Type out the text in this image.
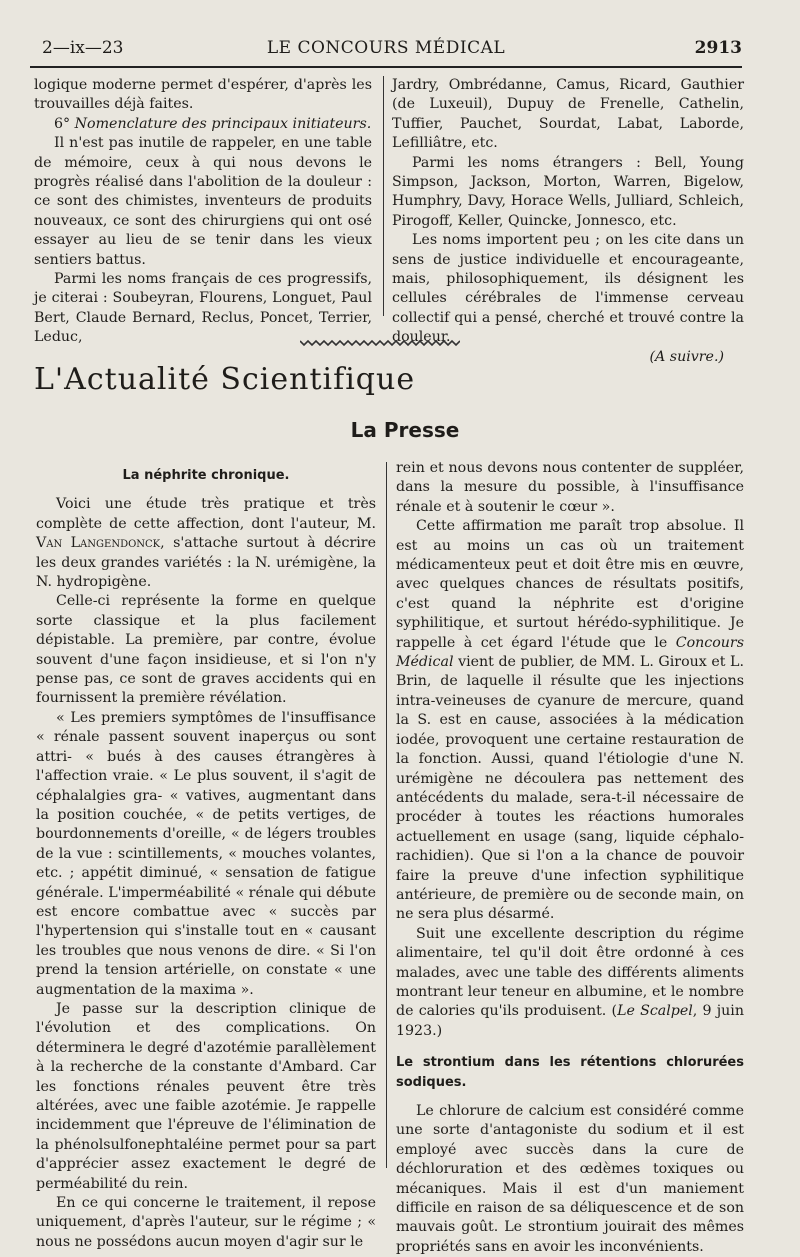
2—ix—23	LE CONCOURS MÉDICAL	2913

logique moderne permet d'espérer, d'après les trouvailles déjà faites.

6° Nomenclature des principaux initiateurs.

Il n'est pas inutile de rappeler, en une table de mémoire, ceux à qui nous devons le progrès réalisé dans l'abolition de la douleur : ce sont des chimistes, inventeurs de produits nouveaux, ce sont des chirurgiens qui ont osé essayer au lieu de se tenir dans les vieux sentiers battus.

Parmi les noms français de ces progressifs, je citerai : Soubeyran, Flourens, Longuet, Paul Bert, Claude Bernard, Reclus, Poncet, Terrier, Leduc,

Jardry, Ombrédanne, Camus, Ricard, Gauthier (de Luxeuil), Dupuy de Frenelle, Cathelin, Tuffier, Pauchet, Sourdat, Labat, Laborde, Lefilliâtre, etc.

Parmi les noms étrangers : Bell, Young Simpson, Jackson, Morton, Warren, Bigelow, Humphry, Davy, Horace Wells, Julliard, Schleich, Pirogoff, Keller, Quincke, Jonnesco, etc.

Les noms importent peu ; on les cite dans un sens de justice individuelle et encourageante, mais, philosophiquement, ils désignent les cellules cérébrales de l'immense cerveau collectif qui a pensé, cherché et trouvé contre la douleur.

(A suivre.)

L'Actualité Scientifique
La Presse

La néphrite chronique.

Voici une étude très pratique et très complète de cette affection, dont l'auteur, M. Van Langendonck, s'attache surtout à décrire les deux grandes variétés : la N. urémigène, la N. hydropigène.

Celle-ci représente la forme en quelque sorte classique et la plus facilement dépistable. La première, par contre, évolue souvent d'une façon insidieuse, et si l'on n'y pense pas, ce sont de graves accidents qui en fournissent la première révélation.

« Les premiers symptômes de l'insuffisance « rénale passent souvent inaperçus ou sont attri- « bués à des causes étrangères à l'affection vraie. « Le plus souvent, il s'agit de céphalalgies gra- « vatives, augmentant dans la position couchée, « de petits vertiges, de bourdonnements d'oreille, « de légers troubles de la vue : scintillements, « mouches volantes, etc. ; appétit diminué, « sensation de fatigue générale. L'imperméabilité « rénale qui débute est encore combattue avec « succès par l'hypertension qui s'installe tout en « causant les troubles que nous venons de dire. « Si l'on prend la tension artérielle, on constate « une augmentation de la maxima ».

Je passe sur la description clinique de l'évolution et des complications. On déterminera le degré d'azotémie parallèlement à la recherche de la constante d'Ambard. Car les fonctions rénales peuvent être très altérées, avec une faible azotémie. Je rappelle incidemment que l'épreuve de l'élimination de la phénolsulfonephtaléine permet pour sa part d'apprécier assez exactement le degré de perméabilité du rein.

En ce qui concerne le traitement, il repose uniquement, d'après l'auteur, sur le régime ; « nous ne possédons aucun moyen d'agir sur le

rein et nous devons nous contenter de suppléer, dans la mesure du possible, à l'insuffisance rénale et à soutenir le cœur ».

Cette affirmation me paraît trop absolue. Il est au moins un cas où un traitement médicamenteux peut et doit être mis en œuvre, avec quelques chances de résultats positifs, c'est quand la néphrite est d'origine syphilitique, et surtout hérédo-syphilitique. Je rappelle à cet égard l'étude que le Concours Médical vient de publier, de MM. L. Giroux et L. Brin, de laquelle il résulte que les injections intra-veineuses de cyanure de mercure, quand la S. est en cause, associées à la médication iodée, provoquent une certaine restauration de la fonction. Aussi, quand l'étiologie d'une N. urémigène ne découlera pas nettement des antécédents du malade, sera-t-il nécessaire de procéder à toutes les réactions humorales actuellement en usage (sang, liquide céphalo-rachidien). Que si l'on a la chance de pouvoir faire la preuve d'une infection syphilitique antérieure, de première ou de seconde main, on ne sera plus désarmé.

Suit une excellente description du régime alimentaire, tel qu'il doit être ordonné à ces malades, avec une table des différents aliments montrant leur teneur en albumine, et le nombre de calories qu'ils produisent. (Le Scalpel, 9 juin 1923.)

Le strontium dans les rétentions chlorurées sodiques.

Le chlorure de calcium est considéré comme une sorte d'antagoniste du sodium et il est employé avec succès dans la cure de déchloruration et des œdèmes toxiques ou mécaniques. Mais il est d'un maniement difficile en raison de sa déliquescence et de son mauvais goût. Le strontium jouirait des mêmes propriétés sans en avoir les inconvénients.
